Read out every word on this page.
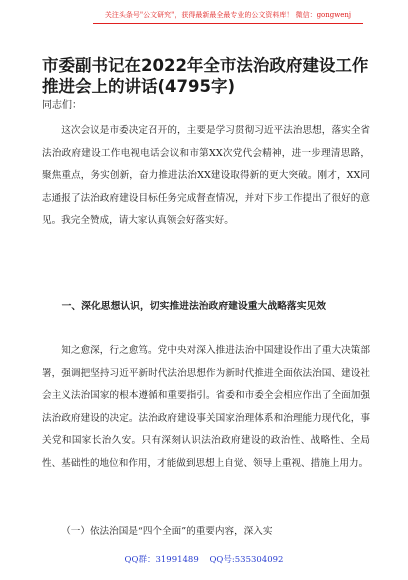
关注头条号"公文研究"，获得最新最全最专业的公文资料库！ 微信：gongwenj
市委副书记在2022年全市法治政府建设工作推进会上的讲话(4795字)
同志们：

这次会议是市委决定召开的，主要是学习贯彻习近平法治思想，落实全省法治政府建设工作电视电话会议和市第XX次党代会精神，进一步理清思路，聚焦重点，务实创新，奋力推进法治XX建设取得新的更大突破。刚才，XX同志通报了法治政府建设目标任务完成督查情况，并对下步工作提出了很好的意见。我完全赞成，请大家认真领会好落实好。

一、深化思想认识，切实推进法治政府建设重大战略落实见效

知之愈深，行之愈笃。党中央对深入推进法治中国建设作出了重大决策部署，强调把坚持习近平新时代法治思想作为新时代推进全面依法治国、建设社会主义法治国家的根本遵循和重要指引。省委和市委全会相应作出了全面加强法治政府建设的决定。法治政府建设事关国家治理体系和治理能力现代化，事关党和国家长治久安。只有深刻认识法治政府建设的政治性、战略性、全局性、基础性的地位和作用，才能做到思想上自觉、领导上重视、措施上用力。

（一）依法治国是“四个全面”的重要内容，深入实

QQ群：31991489 QQ号:535304092
